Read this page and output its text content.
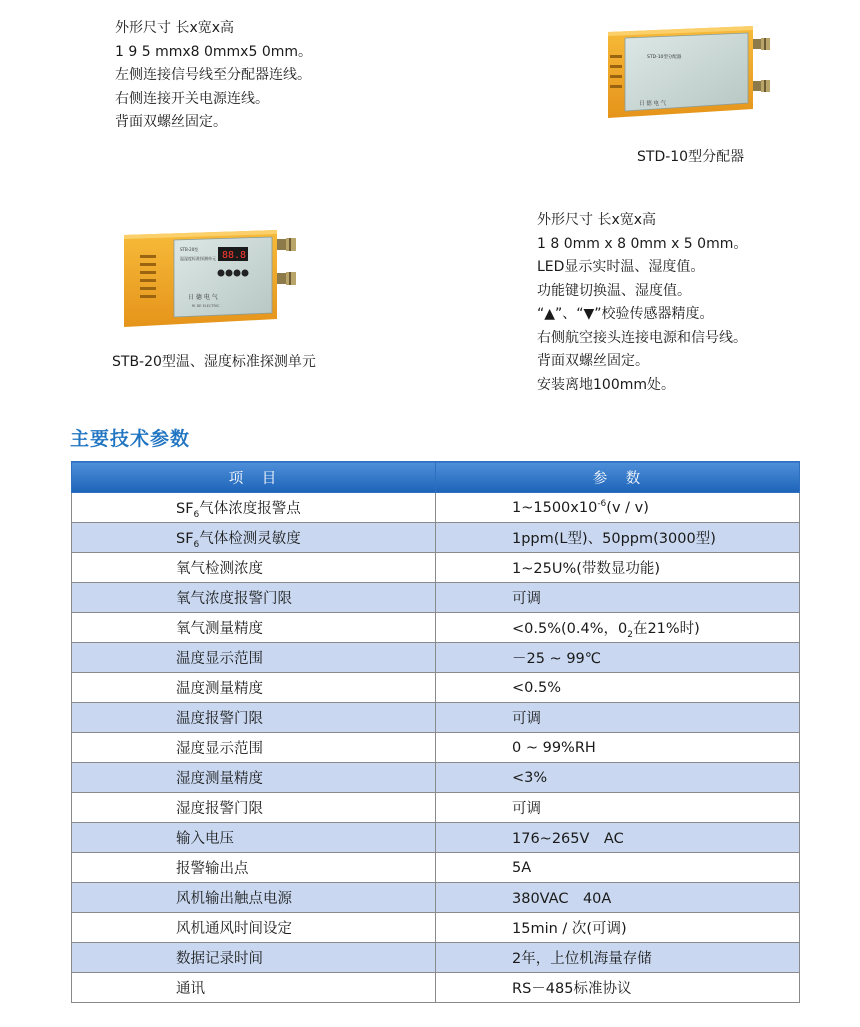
外形尺寸 长x宽x高

1 9 5 mmx8 0mmx5 0mm。

左侧连接信号线至分配器连线。

右侧连接开关电源连线。

背面双螺丝固定。

STD-10型分配器
日 德 电 气
STD-10型分配器
STB-20型
温湿度标准探测单元 88.8
日 德 电 气
RI DE ELECTRIC
STB-20型温、湿度标准探测单元

外形尺寸 长x宽x高

1 8 0mm x 8 0mm x 5 0mm。

LED显示实时温、湿度值。

功能键切换温、湿度值。

“▲”、“▼”校验传感器精度。

右侧航空接头连接电源和信号线。

背面双螺丝固定。

安装离地100mm处。

主要技术参数
项　目	参　数
$SF_6$气体浓度报警点	$1\sim 1500x10^{-6}(v / v)$
$SF_6$气体检测灵敏度	1ppm(L型)、50ppm(3000型)
氧气检测浓度	1~25U%(带数显功能)
氧气浓度报警门限	可调
氧气测量精度	<0.5%(0.4%，$0_2$在21%时)
温度显示范围	－25 ~ 99℃
温度测量精度	<0.5%
温度报警门限	可调
湿度显示范围	0 ~ 99%RH
湿度测量精度	<3%
湿度报警门限	可调
输入电压	176~265V　AC
报警输出点	5A
风机输出触点电源	380VAC　40A
风机通风时间设定	15min / 次(可调)
数据记录时间	2年，上位机海量存储
通讯	RS－485标准协议
